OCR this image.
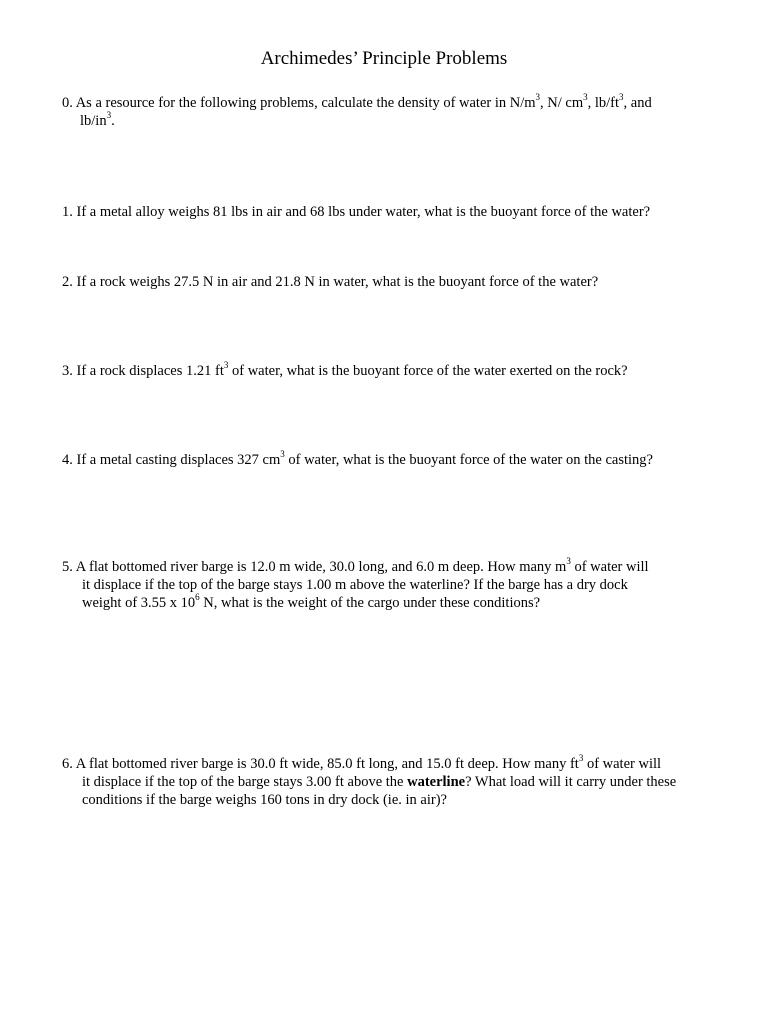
Archimedes’ Principle Problems
0. As a resource for the following problems, calculate the density of water in $N/m^3$, N/ $cm^3$, $lb/ft^3$, and
$lb/in^3$.
1. If a metal alloy weighs 81 lbs in air and 68 lbs under water, what is the buoyant force of the water?
2. If a rock weighs 27.5 N in air and 21.8 N in water, what is the buoyant force of the water?
3. If a rock displaces 1.21 $ft^3$ of water, what is the buoyant force of the water exerted on the rock?
4. If a metal casting displaces 327 $cm^3$ of water, what is the buoyant force of the water on the casting?
5. A flat bottomed river barge is 12.0 m wide, 30.0 long, and 6.0 m deep. How many $m^3$ of water will
it displace if the top of the barge stays 1.00 m above the waterline? If the barge has a dry dock
weight of 3.55 x $10^6$ N, what is the weight of the cargo under these conditions?
6. A flat bottomed river barge is 30.0 ft wide, 85.0 ft long, and 15.0 ft deep. How many $ft^3$ of water will
it displace if the top of the barge stays 3.00 ft above the waterline? What load will it carry under these
conditions if the barge weighs 160 tons in dry dock (ie. in air)?
